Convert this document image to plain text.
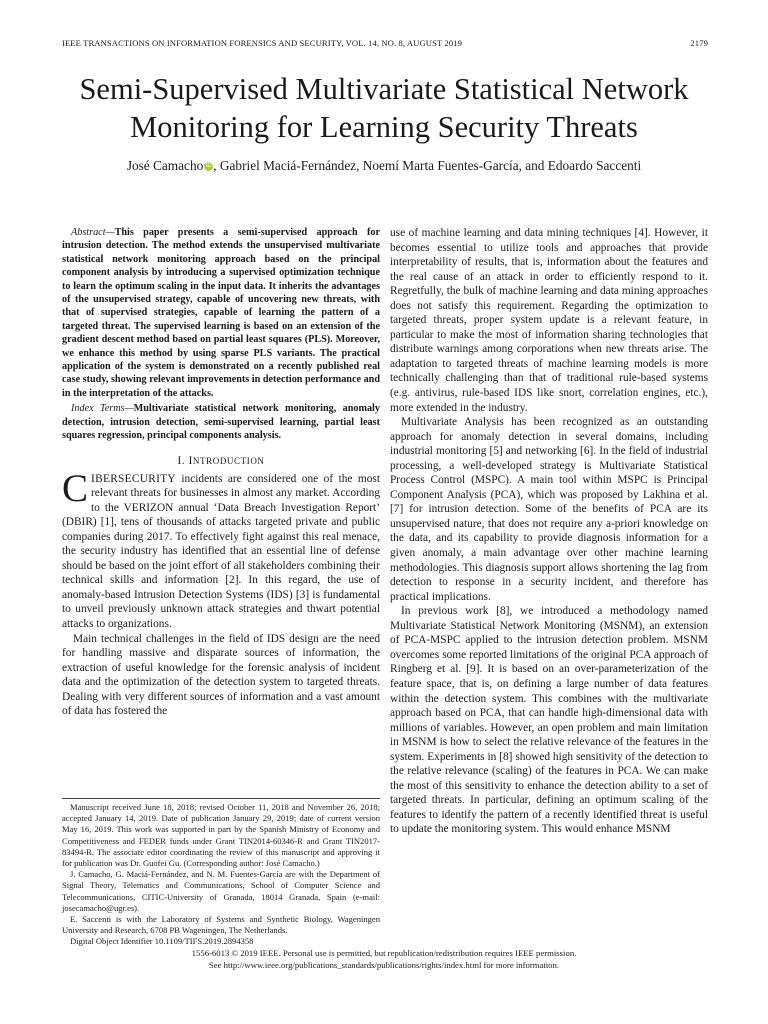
IEEE TRANSACTIONS ON INFORMATION FORENSICS AND SECURITY, VOL. 14, NO. 8, AUGUST 2019	2179
Semi-Supervised Multivariate Statistical Network
Monitoring for Learning Security Threats
José Camacho iD , Gabriel Maciá-Fernández, Noemí Marta Fuentes-García, and Edoardo Saccenti

Abstract—This paper presents a semi-supervised approach for intrusion detection. The method extends the unsupervised multivariate statistical network monitoring approach based on the principal component analysis by introducing a supervised optimization technique to learn the optimum scaling in the input data. It inherits the advantages of the unsupervised strategy, capable of uncovering new threats, with that of supervised strategies, capable of learning the pattern of a targeted threat. The supervised learning is based on an extension of the gradient descent method based on partial least squares (PLS). Moreover, we enhance this method by using sparse PLS variants. The practical application of the system is demonstrated on a recently published real case study, showing relevant improvements in detection performance and in the interpretation of the attacks.

Index Terms—Multivariate statistical network monitoring, anomaly detection, intrusion detection, semi-supervised learning, partial least squares regression, principal components analysis.

I. INTRODUCTION

CIBERSECURITY incidents are considered one of the most relevant threats for businesses in almost any market. According to the VERIZON annual ‘Data Breach Investigation Report’ (DBIR) [1], tens of thousands of attacks targeted private and public companies during 2017. To effectively fight against this real menace, the security industry has identified that an essential line of defense should be based on the joint effort of all stakeholders combining their technical skills and information [2]. In this regard, the use of anomaly-based Intrusion Detection Systems (IDS) [3] is fundamental to unveil previously unknown attack strategies and thwart potential attacks to organizations.

Main technical challenges in the field of IDS design are the need for handling massive and disparate sources of information, the extraction of useful knowledge for the forensic analysis of incident data and the optimization of the detection system to targeted threats. Dealing with very different sources of information and a vast amount of data has fostered the

use of machine learning and data mining techniques [4]. However, it becomes essential to utilize tools and approaches that provide interpretability of results, that is, information about the features and the real cause of an attack in order to efficiently respond to it. Regretfully, the bulk of machine learning and data mining approaches does not satisfy this requirement. Regarding the optimization to targeted threats, proper system update is a relevant feature, in particular to make the most of information sharing technologies that distribute warnings among corporations when new threats arise. The adaptation to targeted threats of machine learning models is more technically challenging than that of traditional rule-based systems (e.g. antivirus, rule-based IDS like snort, correlation engines, etc.), more extended in the industry.

Multivariate Analysis has been recognized as an outstanding approach for anomaly detection in several domains, including industrial monitoring [5] and networking [6]. In the field of industrial processing, a well-developed strategy is Multivariate Statistical Process Control (MSPC). A main tool within MSPC is Principal Component Analysis (PCA), which was proposed by Lakhina et al. [7] for intrusion detection. Some of the benefits of PCA are its unsupervised nature, that does not require any a-priori knowledge on the data, and its capability to provide diagnosis information for a given anomaly, a main advantage over other machine learning methodologies. This diagnosis support allows shortening the lag from detection to response in a security incident, and therefore has practical implications.

In previous work [8], we introduced a methodology named Multivariate Statistical Network Monitoring (MSNM), an extension of PCA-MSPC applied to the intrusion detection problem. MSNM overcomes some reported limitations of the original PCA approach of Ringberg et al. [9]. It is based on an over-parameterization of the feature space, that is, on defining a large number of data features within the detection system. This combines with the multivariate approach based on PCA, that can handle high-dimensional data with millions of variables. However, an open problem and main limitation in MSNM is how to select the relative relevance of the features in the system. Experiments in [8] showed high sensitivity of the detection to the relative relevance (scaling) of the features in PCA. We can make the most of this sensitivity to enhance the detection ability to a set of targeted threats. In particular, defining an optimum scaling of the features to identify the pattern of a recently identified threat is useful to update the monitoring system. This would enhance MSNM

Manuscript received June 18, 2018; revised October 11, 2018 and November 26, 2018; accepted January 14, 2019. Date of publication January 29, 2019; date of current version May 16, 2019. This work was supported in part by the Spanish Ministry of Economy and Competitiveness and FEDER funds under Grant TIN2014-60346-R and Grant TIN2017-83494-R. The associate editor coordinating the review of this manuscript and approving it for publication was Dr. Guofei Gu. (Corresponding author: José Camacho.)

J. Camacho, G. Maciá-Fernández, and N. M. Fuentes-García are with the Department of Signal Theory, Telematics and Communications, School of Computer Science and Telecommunications, CITIC-University of Granada, 18014 Granada, Spain (e-mail: josecamacho@ugr.es).

E. Saccenti is with the Laboratory of Systems and Synthetic Biology, Wageningen University and Research, 6708 PB Wageningen, The Netherlands.

Digital Object Identifier 10.1109/TIFS.2019.2894358

1556-6013 © 2019 IEEE. Personal use is permitted, but republication/redistribution requires IEEE permission.
See http://www.ieee.org/publications_standards/publications/rights/index.html for more information.
